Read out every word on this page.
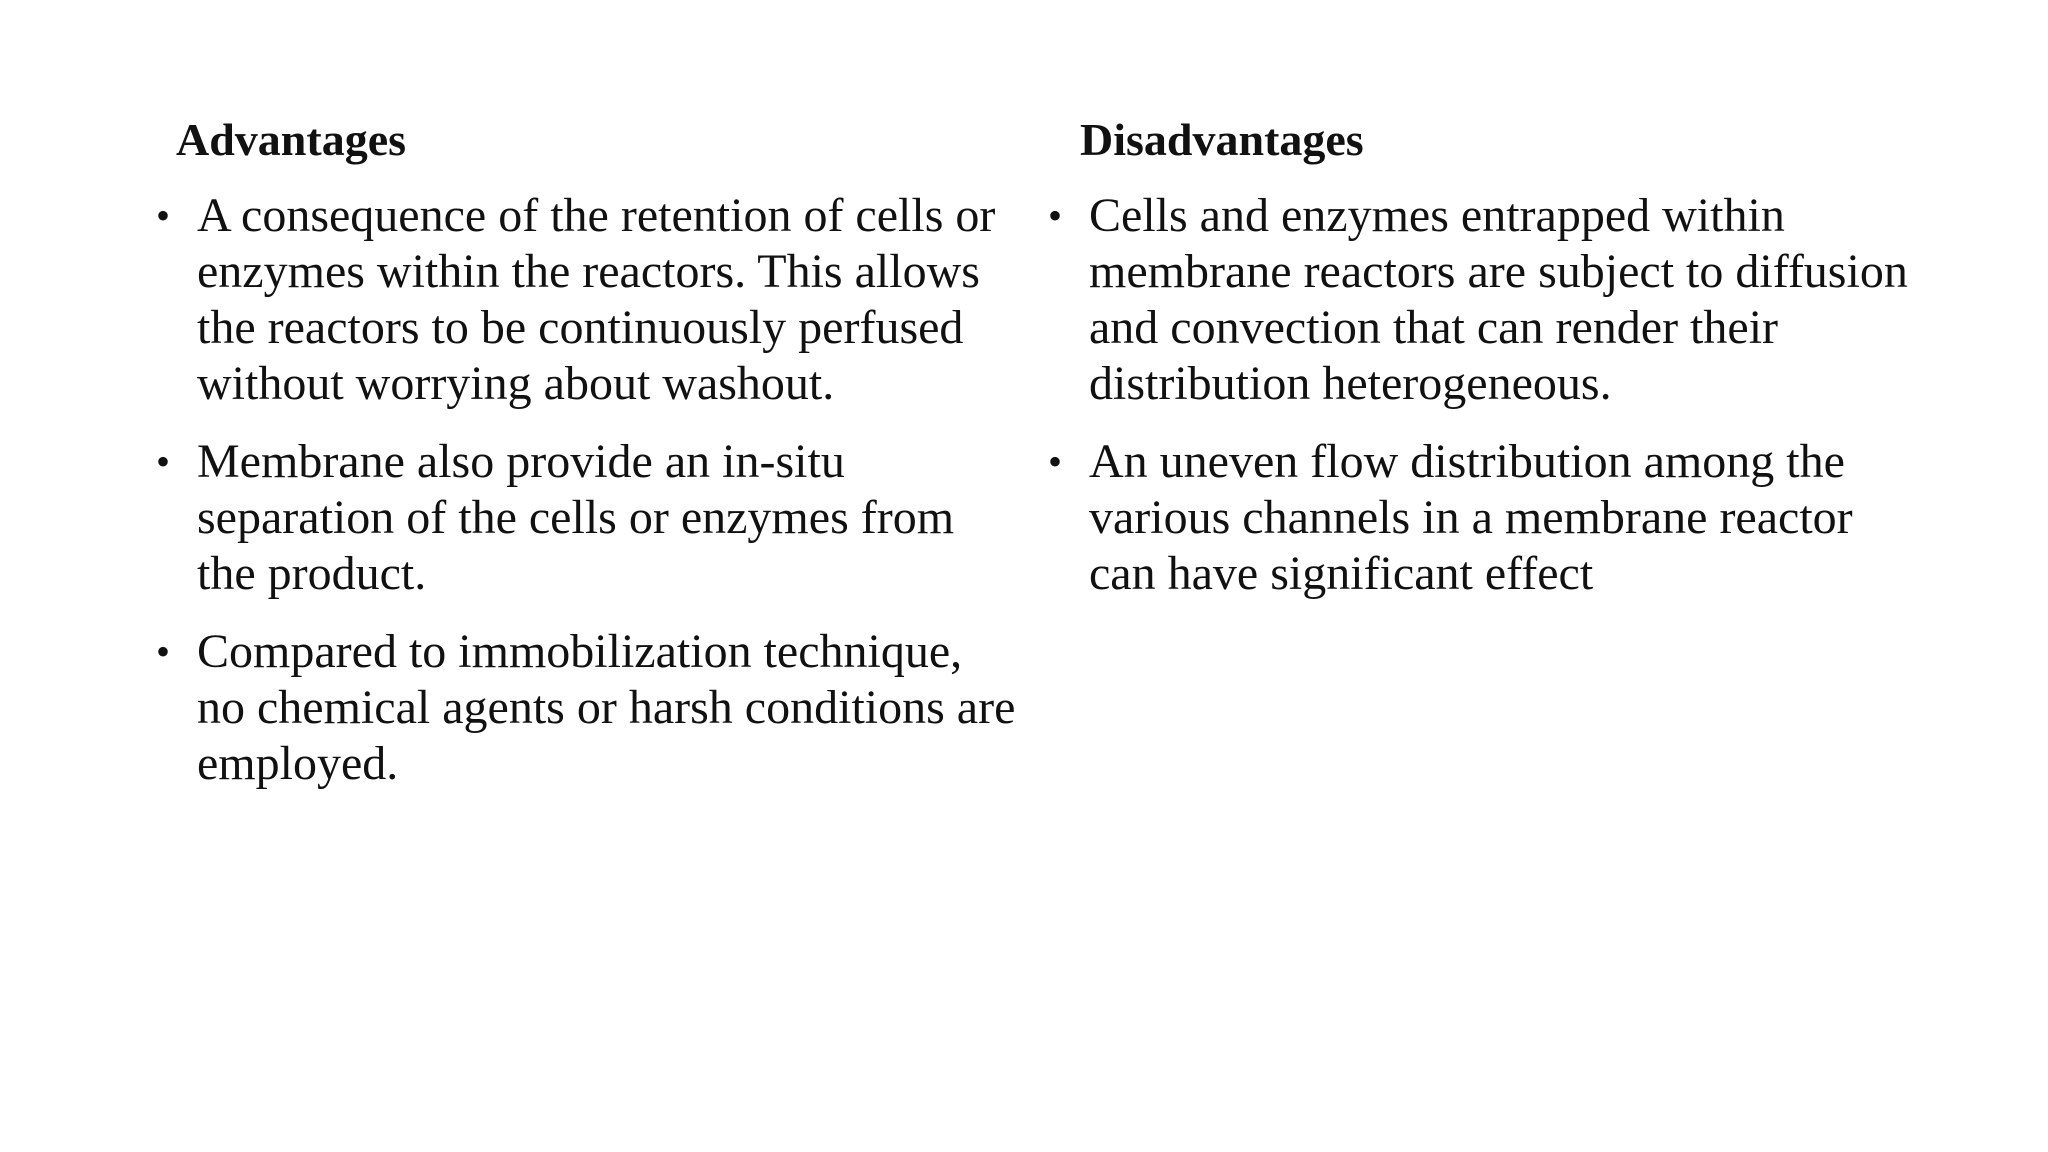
Advantages
• A consequence of the retention of cells or enzymes within the reactors. This allows the reactors to be continuously perfused without worrying about washout.
• Membrane also provide an in-situ separation of the cells or enzymes from the product.
• Compared to immobilization technique, no chemical agents or harsh conditions are employed.
Disadvantages
• Cells and enzymes entrapped within membrane reactors are subject to diffusion and convection that can render their distribution heterogeneous.
• An uneven flow distribution among the various channels in a membrane reactor can have significant effect
